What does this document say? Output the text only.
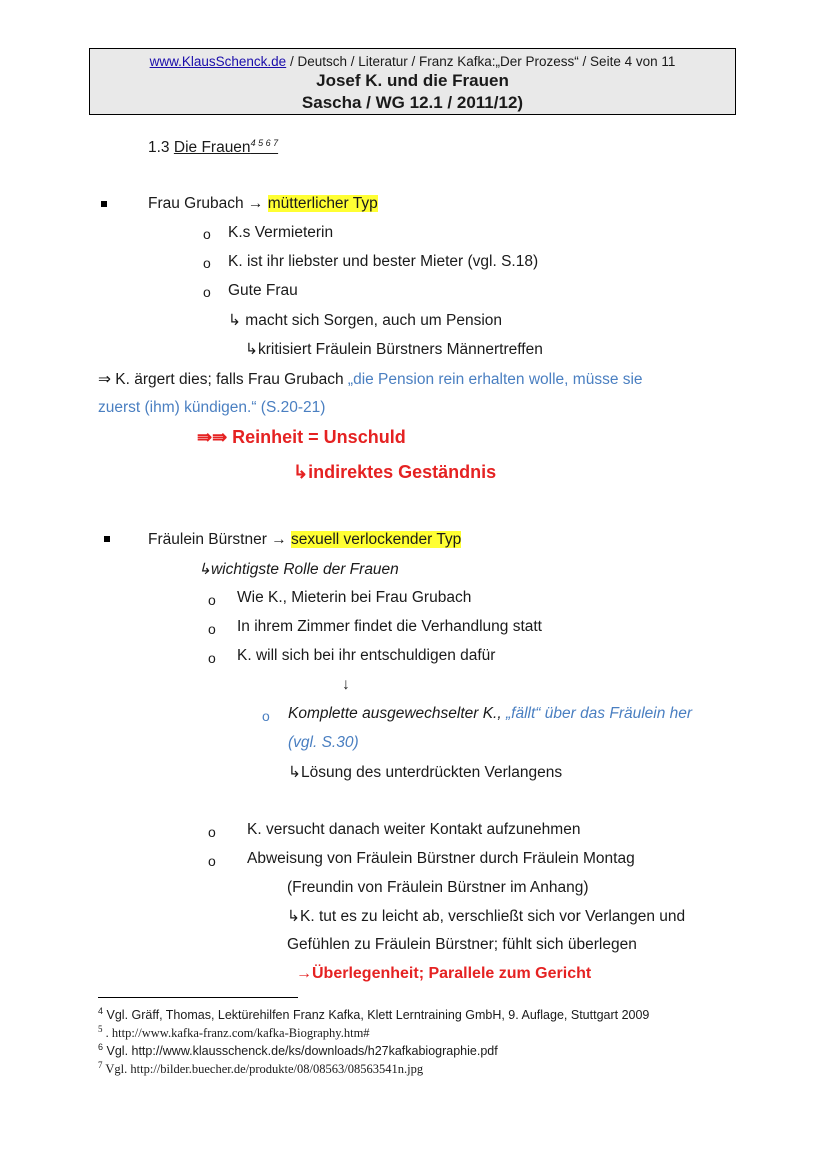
www.KlausSchenck.de / Deutsch / Literatur / Franz Kafka:„Der Prozess“ / Seite 4 von 11
Josef K. und die Frauen
Sascha / WG 12.1 / 2011/12)
1.3 Die Frauen$^{4 5 6 7}$
Frau Grubach → mütterlicher Typ
o K.s Vermieterin
o K. ist ihr liebster und bester Mieter (vgl. S.18)
o Gute Frau
↳ macht sich Sorgen, auch um Pension
↳kritisiert Fräulein Bürstners Männertreffen
⇒ K. ärgert dies; falls Frau Grubach „die Pension rein erhalten wolle, müsse sie
zuerst (ihm) kündigen.“ (S.20-21)
⇛⇛ Reinheit = Unschuld
↳indirektes Geständnis
Fräulein Bürstner → sexuell verlockender Typ
↳wichtigste Rolle der Frauen
o Wie K., Mieterin bei Frau Grubach
o In ihrem Zimmer findet die Verhandlung statt
o K. will sich bei ihr entschuldigen dafür
↓
o Komplette ausgewechselter K., „fällt“ über das Fräulein her
(vgl. S.30)
↳Lösung des unterdrückten Verlangens
o K. versucht danach weiter Kontakt aufzunehmen
o Abweisung von Fräulein Bürstner durch Fräulein Montag
(Freundin von Fräulein Bürstner im Anhang)
↳K. tut es zu leicht ab, verschließt sich vor Verlangen und
Gefühlen zu Fräulein Bürstner; fühlt sich überlegen
→Überlegenheit; Parallele zum Gericht
$^4$ Vgl. Gräff, Thomas, Lektürehilfen Franz Kafka, Klett Lerntraining GmbH, 9. Auflage, Stuttgart 2009
$^5$ . http://www.kafka-franz.com/kafka-Biography.htm#
$^6$ Vgl. http://www.klausschenck.de/ks/downloads/h27kafkabiographie.pdf
$^7$ Vgl. http://bilder.buecher.de/produkte/08/08563/08563541n.jpg
